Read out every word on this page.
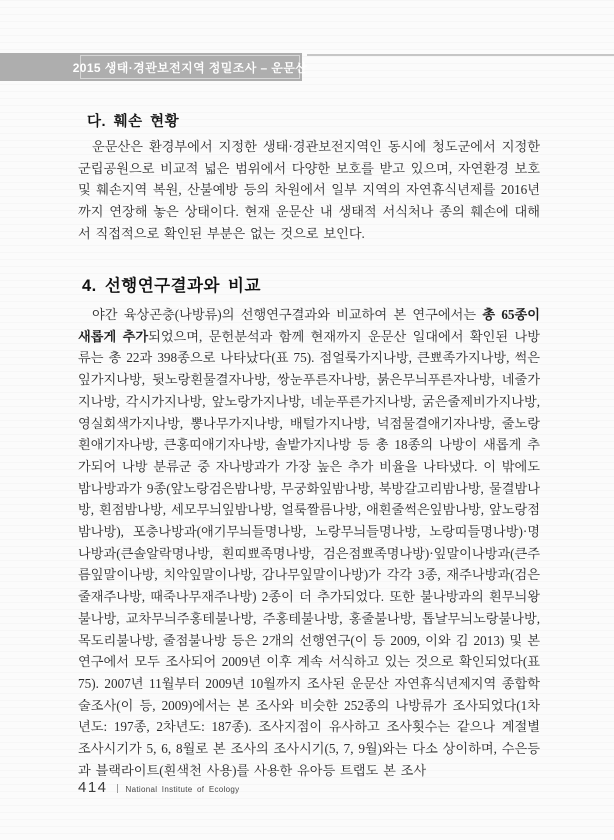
2015 생태·경관보전지역 정밀조사 – 운문산
다. 훼손 현황

운문산은 환경부에서 지정한 생태·경관보전지역인 동시에 청도군에서 지정한 군립공원으로 비교적 넓은 범위에서 다양한 보호를 받고 있으며, 자연환경 보호 및 훼손지역 복원, 산불예방 등의 차원에서 일부 지역의 자연휴식년제를 2016년까지 연장해 놓은 상태이다. 현재 운문산 내 생태적 서식처나 종의 훼손에 대해서 직접적으로 확인된 부분은 없는 것으로 보인다.

4. 선행연구결과와 비교

야간 육상곤충(나방류)의 선행연구결과와 비교하여 본 연구에서는 총 65종이 새롭게 추가되었으며, 문헌분석과 함께 현재까지 운문산 일대에서 확인된 나방류는 총 22과 398종으로 나타났다(표 75). 점얼룩가지나방, 큰뾰족가지나방, 썩은잎가지나방, 뒷노랑흰물결자나방, 쌍눈푸른자나방, 붉은무늬푸른자나방, 네줄가지나방, 각시가지나방, 앞노랑가지나방, 네눈푸른가지나방, 굵은줄제비가지나방, 영실회색가지나방, 뽕나무가지나방, 배털가지나방, 넉점물결애기자나방, 줄노랑흰애기자나방, 큰홍띠애기자나방, 솔밭가지나방 등 총 18종의 나방이 새롭게 추가되어 나방 분류군 중 자나방과가 가장 높은 추가 비율을 나타냈다. 이 밖에도 밤나방과가 9종(앞노랑검은밤나방, 무궁화잎밤나방, 북방갈고리밤나방, 물결밤나방, 흰점밤나방, 세모무늬잎밤나방, 얼룩짤름나방, 애흰줄썩은잎밤나방, 앞노랑점밤나방), 포충나방과(애기무늬들명나방, 노랑무늬들명나방, 노랑띠들명나방)·명나방과(큰솔알락명나방, 흰띠뾰족명나방, 검은점뾰족명나방)·잎말이나방과(큰주름잎말이나방, 치악잎말이나방, 감나무잎말이나방)가 각각 3종, 재주나방과(검은줄재주나방, 때죽나무재주나방) 2종이 더 추가되었다. 또한 불나방과의 흰무늬왕불나방, 교차무늬주홍테불나방, 주홍테불나방, 홍줄불나방, 톱날무늬노랑불나방, 목도리불나방, 줄점불나방 등은 2개의 선행연구(이 등 2009, 이와 김 2013) 및 본 연구에서 모두 조사되어 2009년 이후 계속 서식하고 있는 것으로 확인되었다(표 75). 2007년 11월부터 2009년 10월까지 조사된 운문산 자연휴식년제지역 종합학술조사(이 등, 2009)에서는 본 조사와 비슷한 252종의 나방류가 조사되었다(1차년도: 197종, 2차년도: 187종). 조사지점이 유사하고 조사횟수는 같으나 계절별 조사시기가 5, 6, 8월로 본 조사의 조사시기(5, 7, 9월)와는 다소 상이하며, 수은등과 블랙라이트(흰색천 사용)를 사용한 유아등 트랩도 본 조사

414 National Institute of Ecology
